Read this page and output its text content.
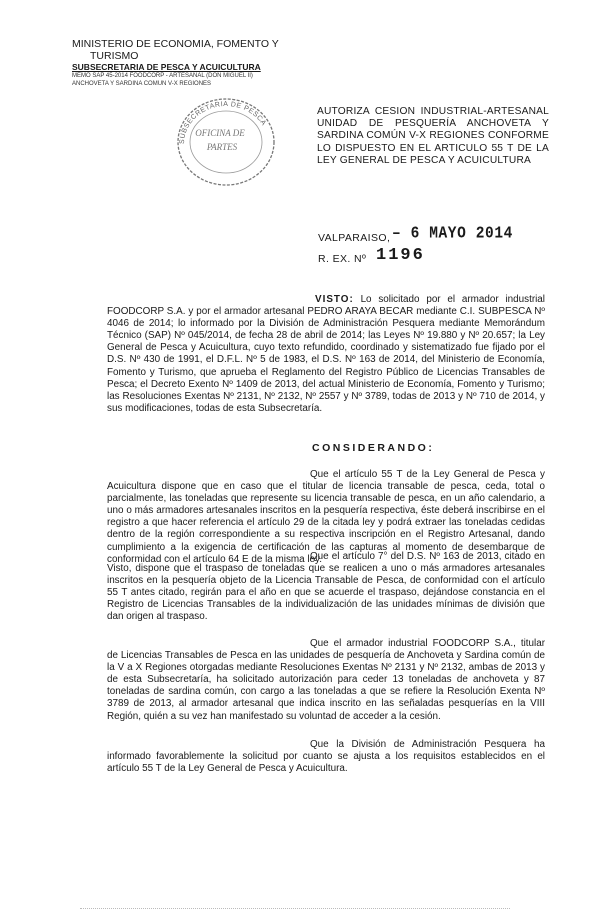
MINISTERIO DE ECONOMIA, FOMENTO Y
TURISMO
SUBSECRETARIA DE PESCA Y ACUICULTURA
MEMO SAP 45-2014 FOODCORP - ARTESANAL (DON MIGUEL II)
ANCHOVETA Y SARDINA COMUN V-X REGIONES
SUBSECRETARIA DE PESCA
OFICINA DE
PARTES
AUTORIZA CESION INDUSTRIAL-ARTESANAL UNIDAD DE PESQUERÍA ANCHOVETA Y SARDINA COMÚN V-X REGIONES CONFORME LO DISPUESTO EN EL ARTICULO 55 T DE LA LEY GENERAL DE PESCA Y ACUICULTURA
VALPARAISO, – 6 MAYO 2014
R. EX. Nº 1196
VISTO: Lo solicitado por el armador industrial FOODCORP S.A. y por el armador artesanal PEDRO ARAYA BECAR mediante C.I. SUBPESCA Nº 4046 de 2014; lo informado por la División de Administración Pesquera mediante Memorándum Técnico (SAP) Nº 045/2014, de fecha 28 de abril de 2014; las Leyes Nº 19.880 y Nº 20.657; la Ley General de Pesca y Acuicultura, cuyo texto refundido, coordinado y sistematizado fue fijado por el D.S. Nº 430 de 1991, el D.F.L. Nº 5 de 1983, el D.S. Nº 163 de 2014, del Ministerio de Economía, Fomento y Turismo, que aprueba el Reglamento del Registro Público de Licencias Transables de Pesca; el Decreto Exento Nº 1409 de 2013, del actual Ministerio de Economía, Fomento y Turismo; las Resoluciones Exentas Nº 2131, Nº 2132, Nº 2557 y Nº 3789, todas de 2013 y Nº 710 de 2014, y sus modificaciones, todas de esta Subsecretaría.
CONSIDERANDO:
Que el artículo 55 T de la Ley General de Pesca y Acuicultura dispone que en caso que el titular de licencia transable de pesca, ceda, total o parcialmente, las toneladas que represente su licencia transable de pesca, en un año calendario, a uno o más armadores artesanales inscritos en la pesquería respectiva, éste deberá inscribirse en el registro a que hacer referencia el artículo 29 de la citada ley y podrá extraer las toneladas cedidas dentro de la región correspondiente a su respectiva inscripción en el Registro Artesanal, dando cumplimiento a la exigencia de certificación de las capturas al momento de desembarque de conformidad con el artículo 64 E de la misma ley.
Que el artículo 7° del D.S. Nº 163 de 2013, citado en Visto, dispone que el traspaso de toneladas que se realicen a uno o más armadores artesanales inscritos en la pesquería objeto de la Licencia Transable de Pesca, de conformidad con el artículo 55 T antes citado, regirán para el año en que se acuerde el traspaso, dejándose constancia en el Registro de Licencias Transables de la individualización de las unidades mínimas de división que dan origen al traspaso.
Que el armador industrial FOODCORP S.A., titular de Licencias Transables de Pesca en las unidades de pesquería de Anchoveta y Sardina común de la V a X Regiones otorgadas mediante Resoluciones Exentas Nº 2131 y Nº 2132, ambas de 2013 y de esta Subsecretaría, ha solicitado autorización para ceder 13 toneladas de anchoveta y 87 toneladas de sardina común, con cargo a las toneladas a que se refiere la Resolución Exenta Nº 3789 de 2013, al armador artesanal que indica inscrito en las señaladas pesquerías en la VIII Región, quién a su vez han manifestado su voluntad de acceder a la cesión.
Que la División de Administración Pesquera ha informado favorablemente la solicitud por cuanto se ajusta a los requisitos establecidos en el artículo 55 T de la Ley General de Pesca y Acuicultura.
